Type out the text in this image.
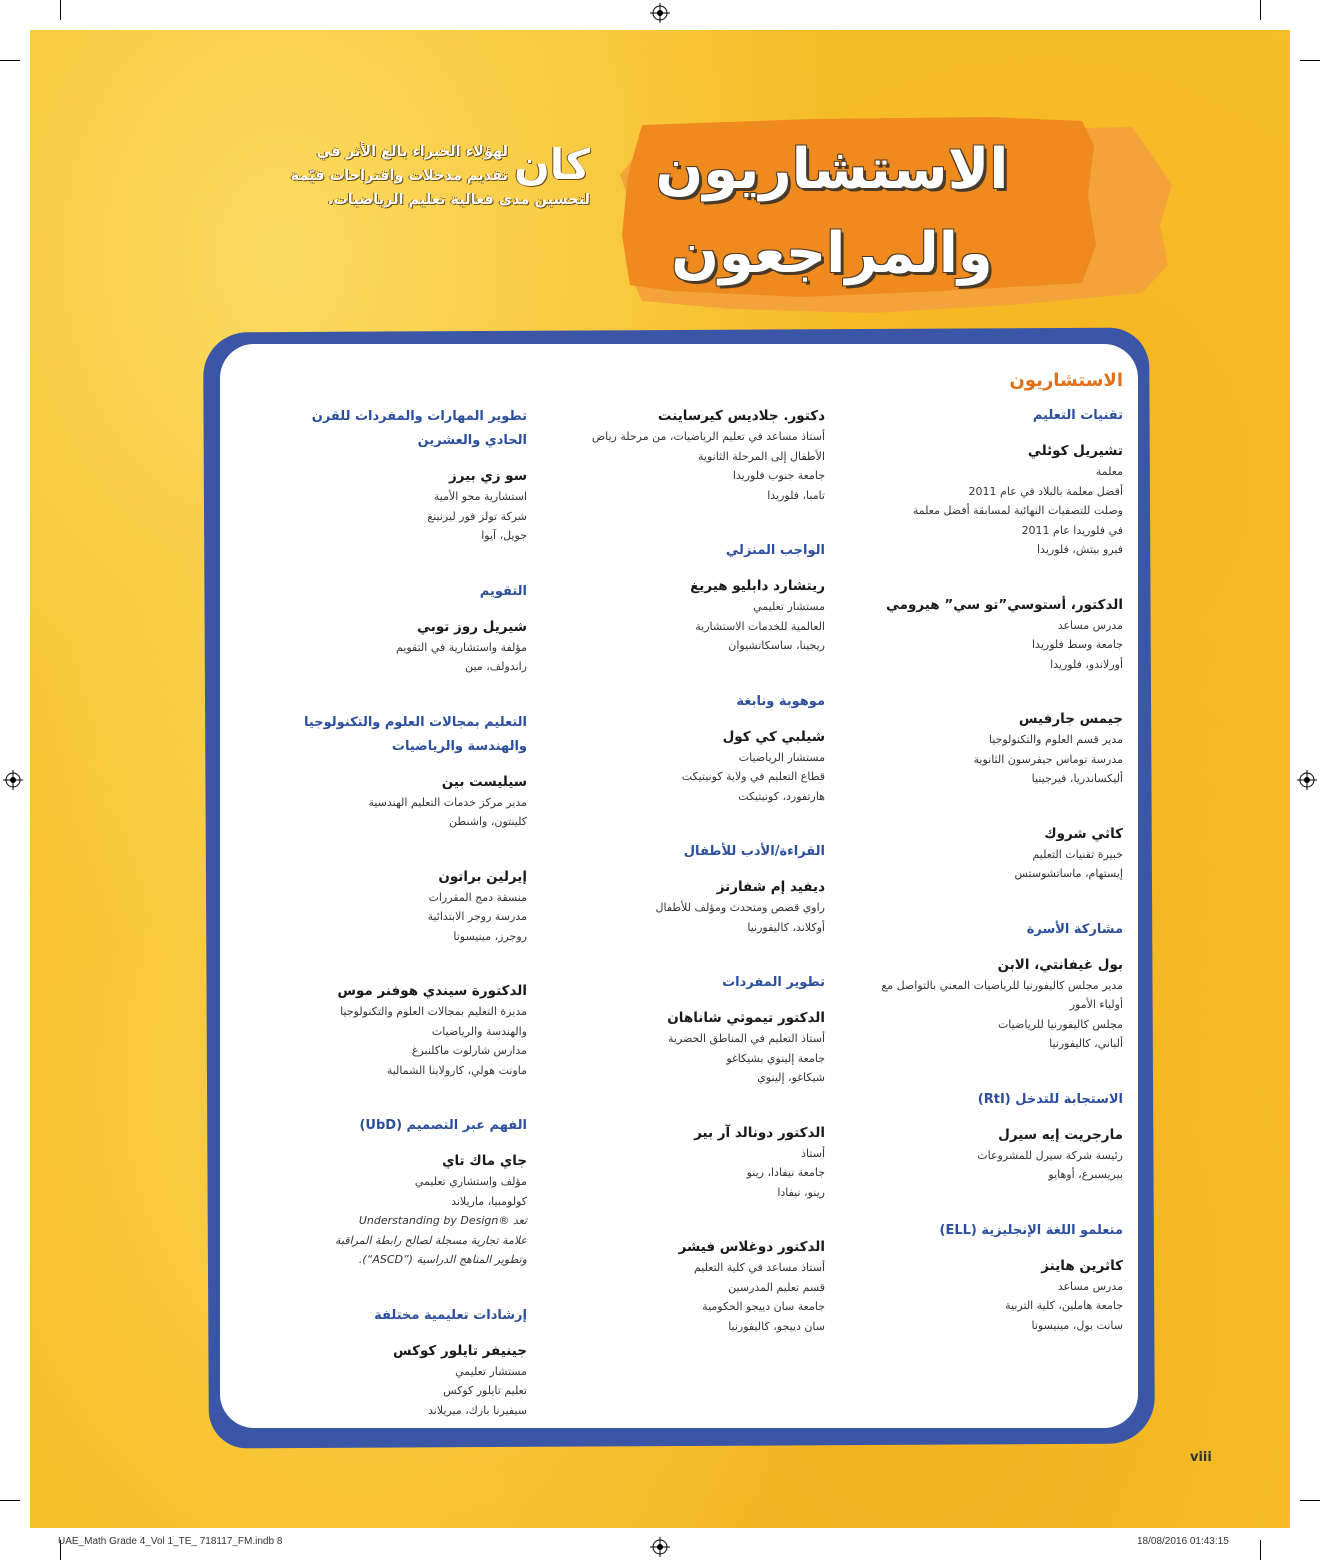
الاستشاريون
والمراجعون
كان
لهؤلاء الخبراء بالغ الأثر في تقديم مدخلات واقتراحات قيّمة لتحسين مدى فعالية تعليم الرياضيات.
الاستشاريون
تقنيات التعليم
تشيريل كوئلي
معلمة
أفضل معلمة بالبلاد في عام 2011
وصلت للتصفيات النهائية لمسابقة أفضل معلمة
في فلوريدا عام 2011
فيرو بيتش، فلوريدا
الدكتور، أستوسي”تو سي” هيرومي
مدرس مساعد
جامعة وسط فلوريدا
أورلاندو، فلوريدا
جيمس جارفيس
مدير قسم العلوم والتكنولوجيا
مدرسة توماس جيفرسون الثانوية
أليكساندريا، فيرجينيا
كاثي شروك
خبيرة تقنيات التعليم
إيستهام، ماساتشوستس
مشاركة الأسرة
بول غيفانتي، الابن
مدير مجلس كاليفورنيا للرياضيات المعني بالتواصل مع
أولياء الأمور
مجلس كاليفورنيا للرياضيات
ألباني، كاليفورنيا
الاستجابة للتدخل (RtI)
مارجريت إيه سيرل
رئيسة شركة سيرل للمشروعات
بيريسبرغ، أوهايو
متعلمو اللغة الإنجليزية (ELL)
كاثرين هاينز
مدرس مساعد
جامعة هاملين، كلية التربية
سانت بول، مينيسوتا
دكتور. جلاديس كيرساينت
أستاذ مساعد في تعليم الرياضيات، من مرحلة رياض
الأطفال إلى المرحلة الثانوية
جامعة جنوب فلوريدا
تامبا، فلوريدا
الواجب المنزلي
ريتشارد دابليو هيريغ
مستشار تعليمي
العالمية للخدمات الاستشارية
ريجينا، ساسكاتشيوان
موهوبة ونابغة
شيلبي كي كول
مستشار الرياضيات
قطاع التعليم في ولاية كونيتيكت
هارتفورد، كونيتيكت
القراءة/الأدب للأطفال
ديفيد إم شفارتز
راوي قصص ومتحدث ومؤلف للأطفال
أوكلاند، كاليفورنيا
تطوير المفردات
الدكتور تيموثي شاناهان
أستاذ التعليم في المناطق الحضرية
جامعة إلينوي بشيكاغو
شيكاغو، إلينوي
الدكتور دونالد آر بير
أستاذ
جامعة نيفادا، رينو
رينو، نيفادا
الدكتور دوغلاس فيشر
أستاذ مساعد في كلية التعليم
قسم تعليم المدرسين
جامعة سان دييجو الحكومية
سان دييجو، كاليفورنيا
تطوير المهارات والمفردات للقرن الحادي والعشرين
سو زي بيرز
استشارية محو الأمية
شركة تولز فور ليرنينغ
جويل، آيوا
التقويم
شيريل روز توبي
مؤلفة واستشارية في التقويم
راندولف، مين
التعليم بمجالات العلوم والتكنولوجيا والهندسة والرياضيات
سيليست بين
مدير مركز خدمات التعليم الهندسية
كلينتون، واشنطن
إيرلين براتون
منسقة دمج المقررات
مدرسة روجر الابتدائية
روجرز، مينيسوتا
الدكتورة سيندي هوفنر موس
مديرة التعليم بمجالات العلوم والتكنولوجيا
والهندسة والرياضيات
مدارس شارلوت ماكلنبرغ
ماونت هولي، كارولاينا الشمالية
الفهم عبر التصميم (UbD)
جاي ماك تاي
مؤلف واستشاري تعليمي
كولومبيا، ماريلاند
تعد ®Understanding by Design
علامة تجارية مسجلة لصالح رابطة المراقبة
وتطوير المناهج الدراسية (”ASCD“).
إرشادات تعليمية مختلفة
جينيفر تايلور كوكس
مستشار تعليمي
تعليم تايلور كوكس
سيفيرنا بارك، ميريلاند
viii
UAE_Math Grade 4_Vol 1_TE_ 718117_FM.indb 8	18/08/2016 01:43:15
